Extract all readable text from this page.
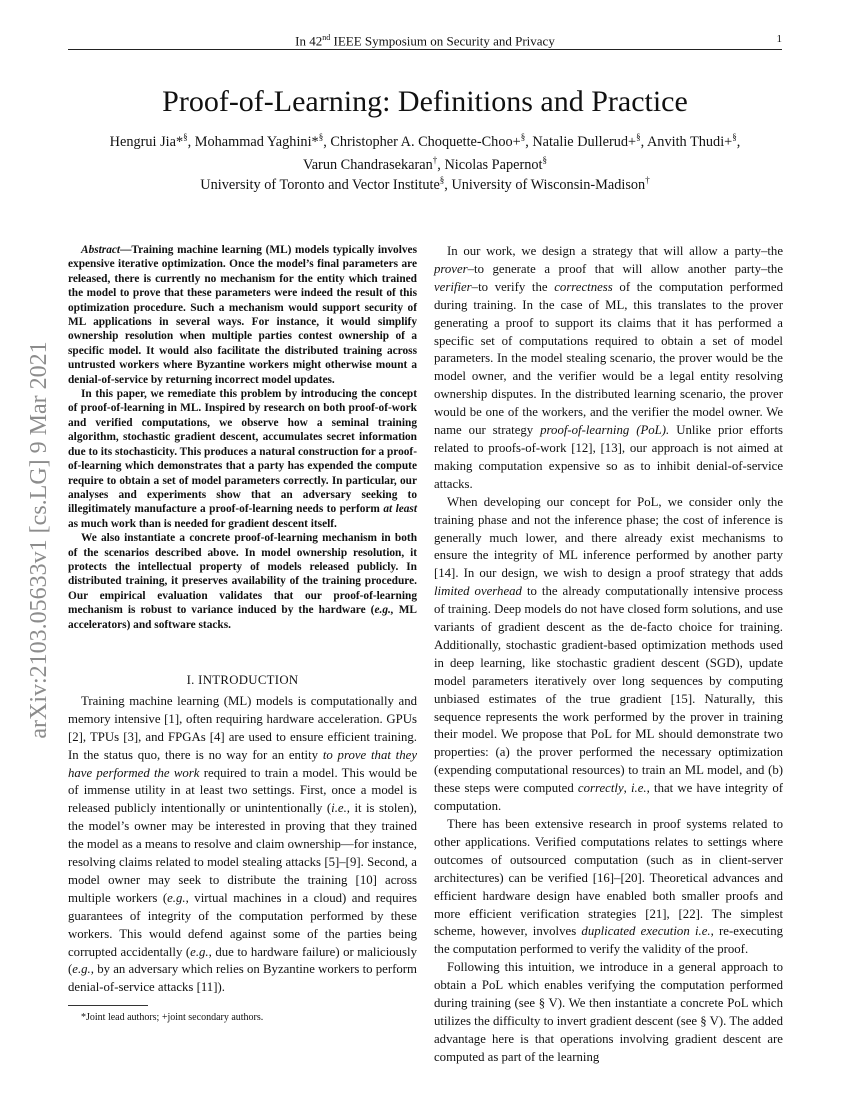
In 42nd IEEE Symposium on Security and Privacy	1
arXiv:2103.05633v1 [cs.LG] 9 Mar 2021
Proof-of-Learning: Definitions and Practice
Hengrui Jia*§, Mohammad Yaghini*§, Christopher A. Choquette-Choo+§, Natalie Dullerud+§, Anvith Thudi+§,
Varun Chandrasekaran†, Nicolas Papernot§
University of Toronto and Vector Institute§, University of Wisconsin-Madison†

Abstract—Training machine learning (ML) models typically involves expensive iterative optimization. Once the model’s final parameters are released, there is currently no mechanism for the entity which trained the model to prove that these parameters were indeed the result of this optimization procedure. Such a mechanism would support security of ML applications in several ways. For instance, it would simplify ownership resolution when multiple parties contest ownership of a specific model. It would also facilitate the distributed training across untrusted workers where Byzantine workers might otherwise mount a denial-of-service by returning incorrect model updates.

In this paper, we remediate this problem by introducing the concept of proof-of-learning in ML. Inspired by research on both proof-of-work and verified computations, we observe how a seminal training algorithm, stochastic gradient descent, accumulates secret information due to its stochasticity. This produces a natural construction for a proof-of-learning which demonstrates that a party has expended the compute require to obtain a set of model parameters correctly. In particular, our analyses and experiments show that an adversary seeking to illegitimately manufacture a proof-of-learning needs to perform at least as much work than is needed for gradient descent itself.

We also instantiate a concrete proof-of-learning mechanism in both of the scenarios described above. In model ownership resolution, it protects the intellectual property of models released publicly. In distributed training, it preserves availability of the training procedure. Our empirical evaluation validates that our proof-of-learning mechanism is robust to variance induced by the hardware (e.g., ML accelerators) and software stacks.

I. INTRODUCTION

Training machine learning (ML) models is computationally and memory intensive [1], often requiring hardware acceleration. GPUs [2], TPUs [3], and FPGAs [4] are used to ensure efficient training. In the status quo, there is no way for an entity to prove that they have performed the work required to train a model. This would be of immense utility in at least two settings. First, once a model is released publicly intentionally or unintentionally (i.e., it is stolen), the model’s owner may be interested in proving that they trained the model as a means to resolve and claim ownership—for instance, resolving claims related to model stealing attacks [5]–[9]. Second, a model owner may seek to distribute the training [10] across multiple workers (e.g., virtual machines in a cloud) and requires guarantees of integrity of the computation performed by these workers. This would defend against some of the parties being corrupted accidentally (e.g., due to hardware failure) or maliciously (e.g., by an adversary which relies on Byzantine workers to perform denial-of-service attacks [11]).

*Joint lead authors; +joint secondary authors.

In our work, we design a strategy that will allow a party–the prover–to generate a proof that will allow another party–the verifier–to verify the correctness of the computation performed during training. In the case of ML, this translates to the prover generating a proof to support its claims that it has performed a specific set of computations required to obtain a set of model parameters. In the model stealing scenario, the prover would be the model owner, and the verifier would be a legal entity resolving ownership disputes. In the distributed learning scenario, the prover would be one of the workers, and the verifier the model owner. We name our strategy proof-of-learning (PoL). Unlike prior efforts related to proofs-of-work [12], [13], our approach is not aimed at making computation expensive so as to inhibit denial-of-service attacks.

When developing our concept for PoL, we consider only the training phase and not the inference phase; the cost of inference is generally much lower, and there already exist mechanisms to ensure the integrity of ML inference performed by another party [14]. In our design, we wish to design a proof strategy that adds limited overhead to the already computationally intensive process of training. Deep models do not have closed form solutions, and use variants of gradient descent as the de-facto choice for training. Additionally, stochastic gradient-based optimization methods used in deep learning, like stochastic gradient descent (SGD), update model parameters iteratively over long sequences by computing unbiased estimates of the true gradient [15]. Naturally, this sequence represents the work performed by the prover in training their model. We propose that PoL for ML should demonstrate two properties: (a) the prover performed the necessary optimization (expending computational resources) to train an ML model, and (b) these steps were computed correctly, i.e., that we have integrity of computation.

There has been extensive research in proof systems related to other applications. Verified computations relates to settings where outcomes of outsourced computation (such as in client-server architectures) can be verified [16]–[20]. Theoretical advances and efficient hardware design have enabled both smaller proofs and more efficient verification strategies [21], [22]. The simplest scheme, however, involves duplicated execution i.e., re-executing the computation performed to verify the validity of the proof.

Following this intuition, we introduce in a general approach to obtain a PoL which enables verifying the computation performed during training (see § V). We then instantiate a concrete PoL which utilizes the difficulty to invert gradient descent (see § V). The added advantage here is that operations involving gradient descent are computed as part of the learning
